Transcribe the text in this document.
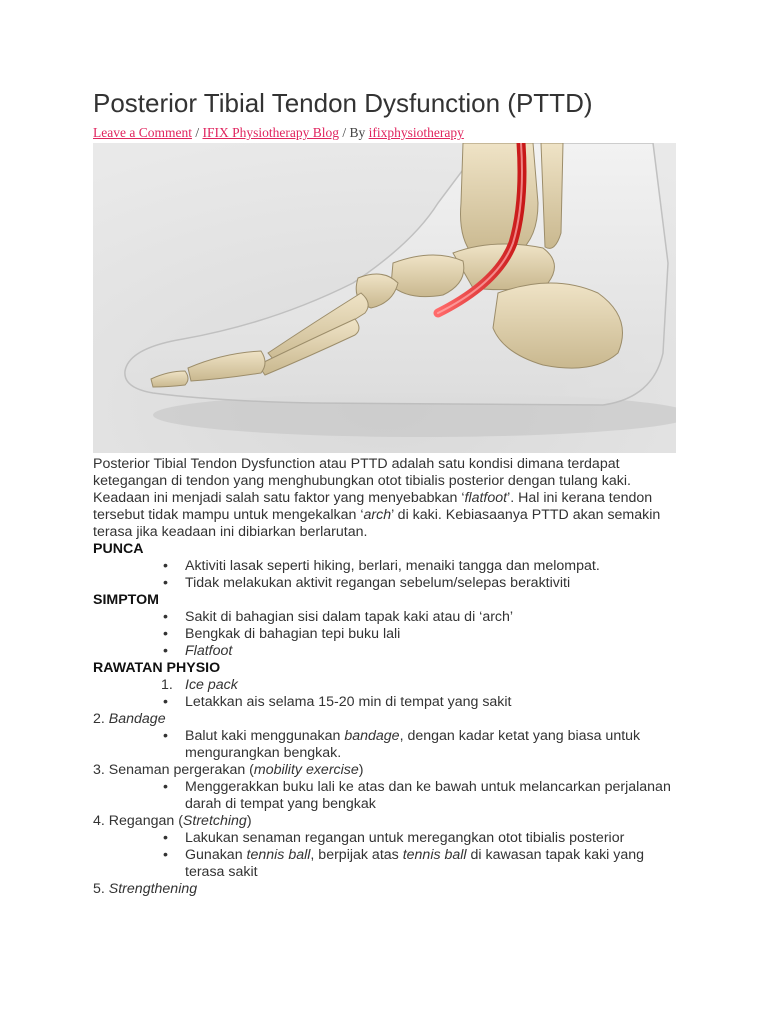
Posterior Tibial Tendon Dysfunction (PTTD)
Leave a Comment / IFIX Physiotherapy Blog / By ifixphysiotherapy
Posterior Tibial Tendon Dysfunction atau PTTD adalah satu kondisi dimana terdapat ketegangan di tendon yang menghubungkan otot tibialis posterior dengan tulang kaki. Keadaan ini menjadi salah satu faktor yang menyebabkan ‘flatfoot’. Hal ini kerana tendon tersebut tidak mampu untuk mengekalkan ‘arch’ di kaki. Kebiasaanya PTTD akan semakin terasa jika keadaan ini dibiarkan berlarutan.
PUNCA
• Aktiviti lasak seperti hiking, berlari, menaiki tangga dan melompat.
• Tidak melakukan aktivit regangan sebelum/selepas beraktiviti
SIMPTOM
• Sakit di bahagian sisi dalam tapak kaki atau di ‘arch’
• Bengkak di bahagian tepi buku lali
• Flatfoot
RAWATAN PHYSIO
1. Ice pack
• Letakkan ais selama 15-20 min di tempat yang sakit
2. Bandage
• Balut kaki menggunakan bandage, dengan kadar ketat yang biasa untuk mengurangkan bengkak.
3. Senaman pergerakan (mobility exercise)
• Menggerakkan buku lali ke atas dan ke bawah untuk melancarkan perjalanan darah di tempat yang bengkak
4. Regangan (Stretching)
• Lakukan senaman regangan untuk meregangkan otot tibialis posterior
• Gunakan tennis ball, berpijak atas tennis ball di kawasan tapak kaki yang terasa sakit
5. Strengthening
